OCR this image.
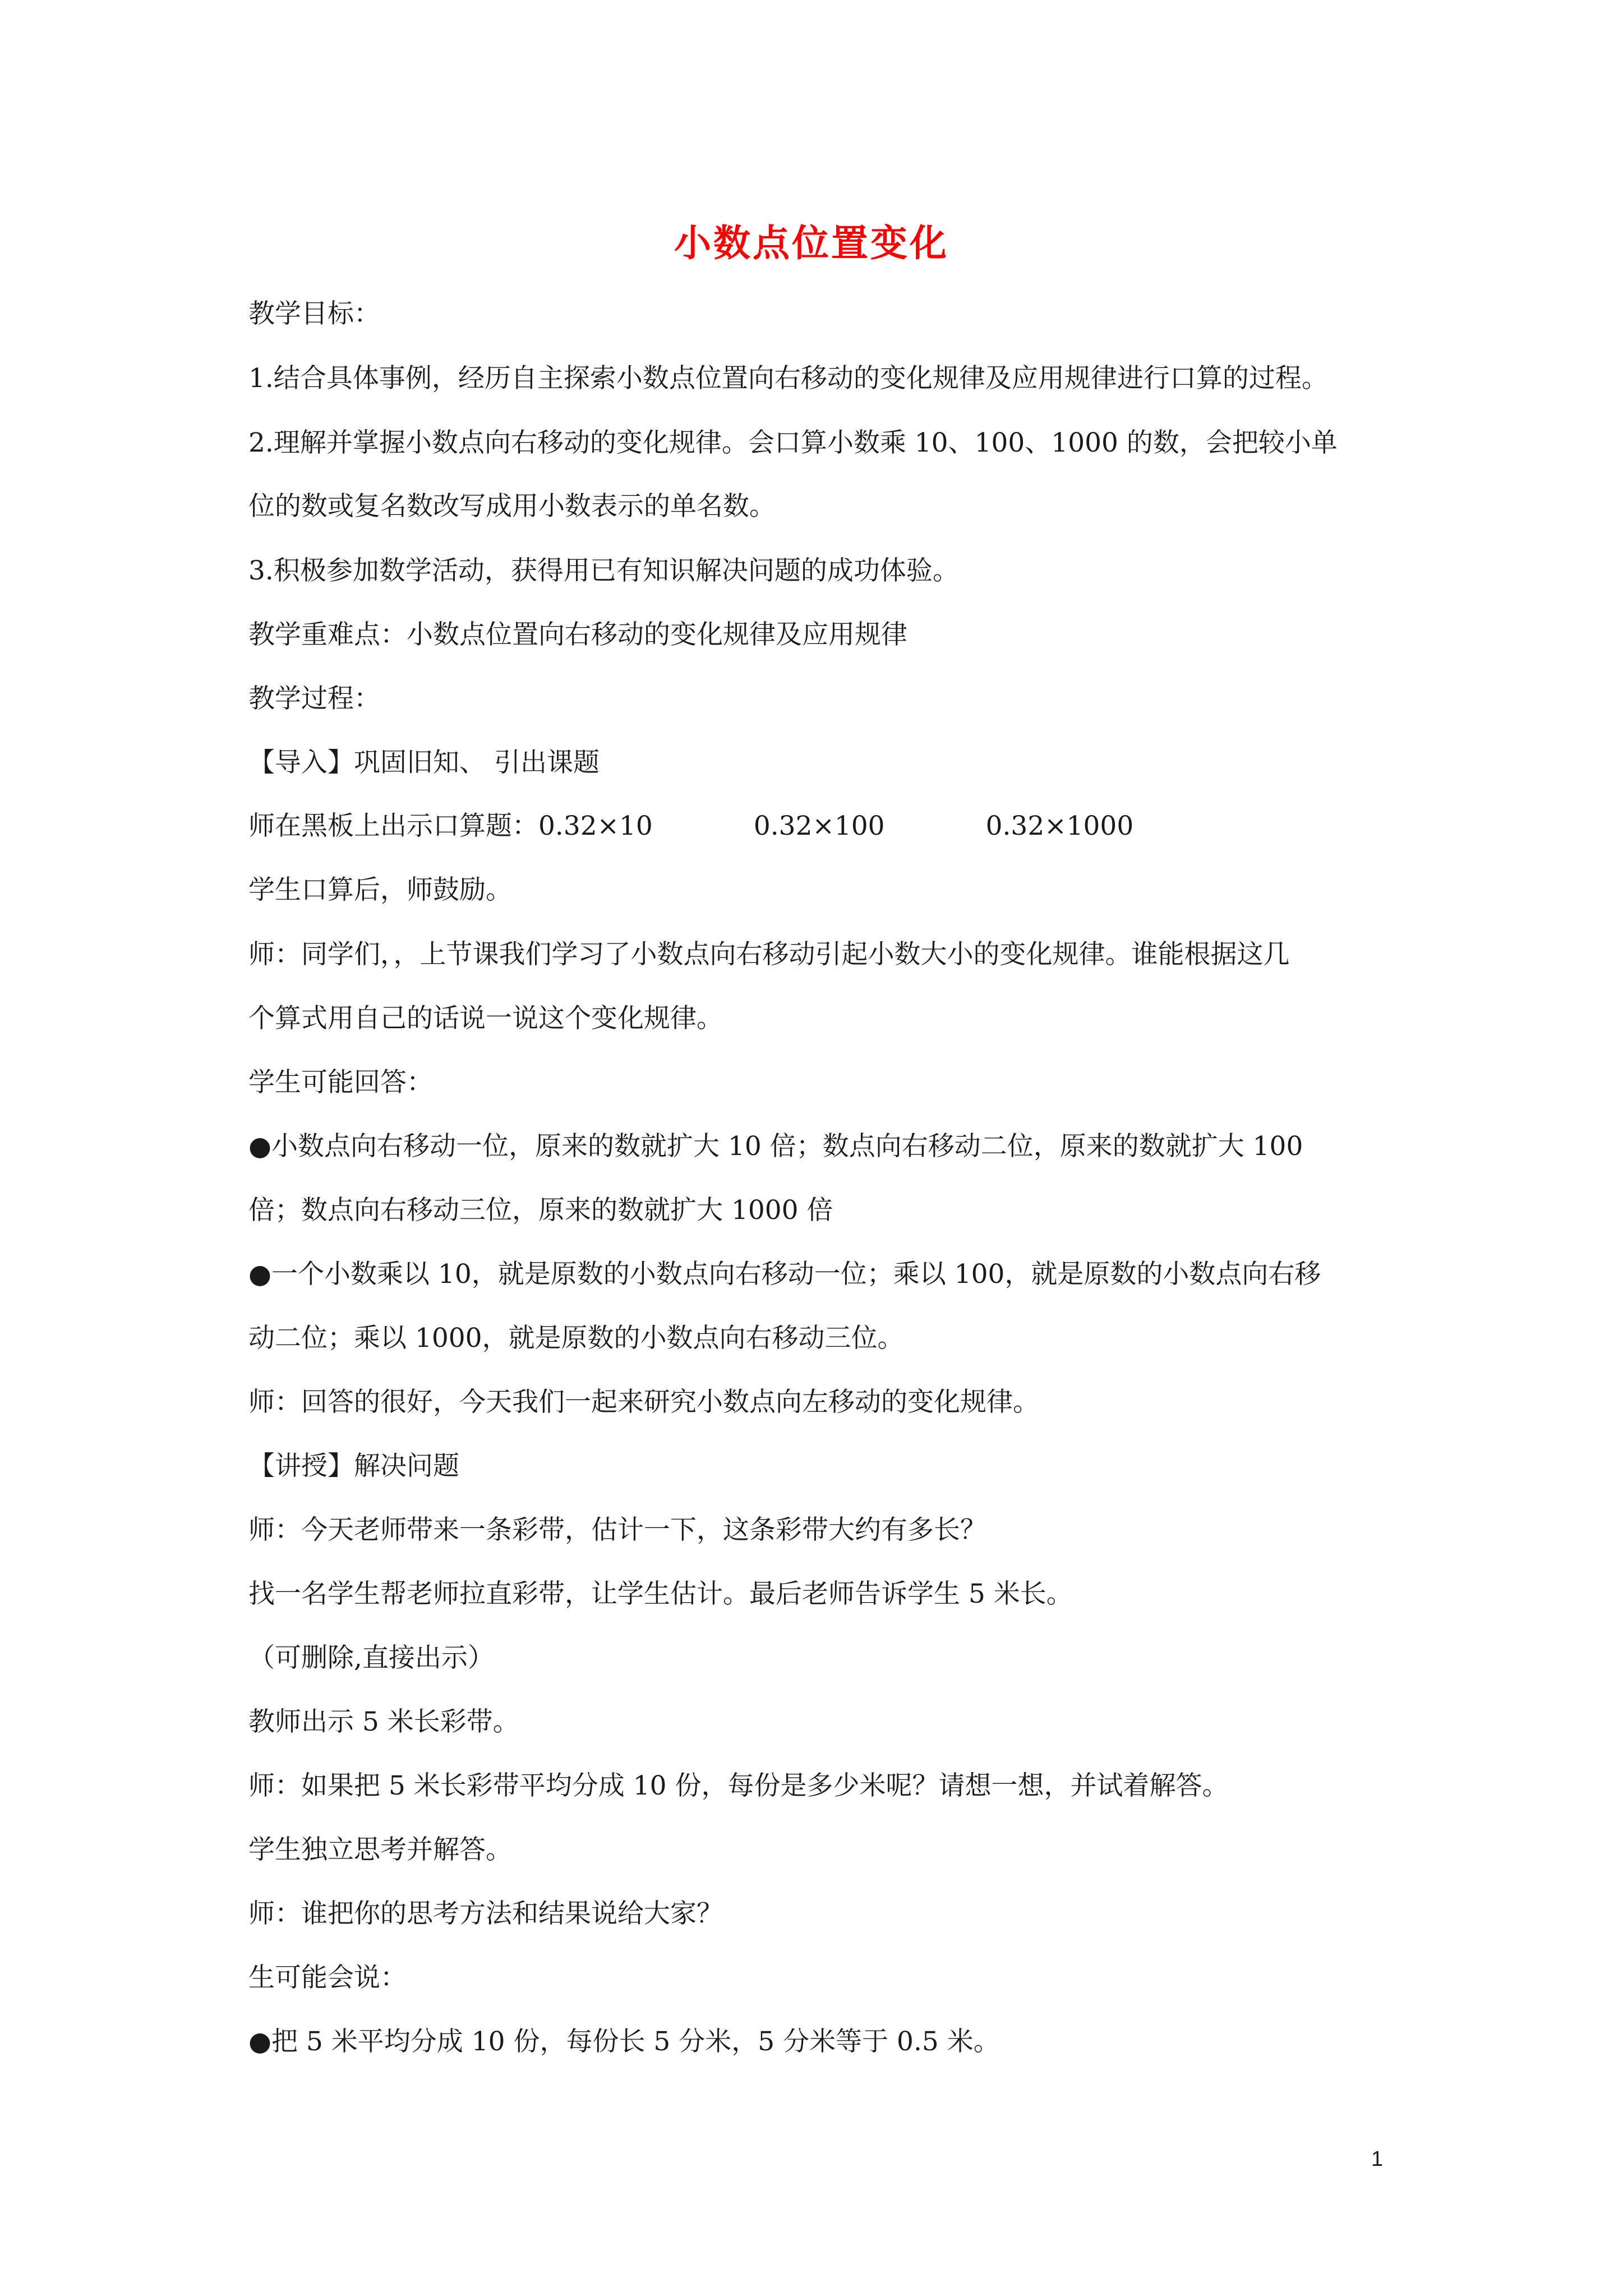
小数点位置变化
教学目标：
1.结合具体事例，经历自主探索小数点位置向右移动的变化规律及应用规律进行口算的过程。
2.理解并掌握小数点向右移动的变化规律。会口算小数乘 10、100、1000 的数，会把较小单
位的数或复名数改写成用小数表示的单名数。
3.积极参加数学活动，获得用已有知识解决问题的成功体验。
教学重难点：小数点位置向右移动的变化规律及应用规律
教学过程：
【导入】巩固旧知、 引出课题
师在黑板上出示口算题：0.32×10	0.32×100	0.32×1000
学生口算后，师鼓励。
师：同学们，，上节课我们学习了小数点向右移动引起小数大小的变化规律。谁能根据这几
个算式用自己的话说一说这个变化规律。
学生可能回答：
●小数点向右移动一位，原来的数就扩大 10 倍；数点向右移动二位，原来的数就扩大 100
倍；数点向右移动三位，原来的数就扩大 1000 倍
●一个小数乘以 10，就是原数的小数点向右移动一位；乘以 100，就是原数的小数点向右移
动二位；乘以 1000，就是原数的小数点向右移动三位。
师：回答的很好，今天我们一起来研究小数点向左移动的变化规律。
【讲授】解决问题
师：今天老师带来一条彩带，估计一下，这条彩带大约有多长？
找一名学生帮老师拉直彩带，让学生估计。最后老师告诉学生 5 米长。
（可删除,直接出示）
教师出示 5 米长彩带。
师：如果把 5 米长彩带平均分成 10 份，每份是多少米呢？请想一想，并试着解答。
学生独立思考并解答。
师：谁把你的思考方法和结果说给大家？
生可能会说：
●把 5 米平均分成 10 份，每份长 5 分米，5 分米等于 0.5 米。
1
